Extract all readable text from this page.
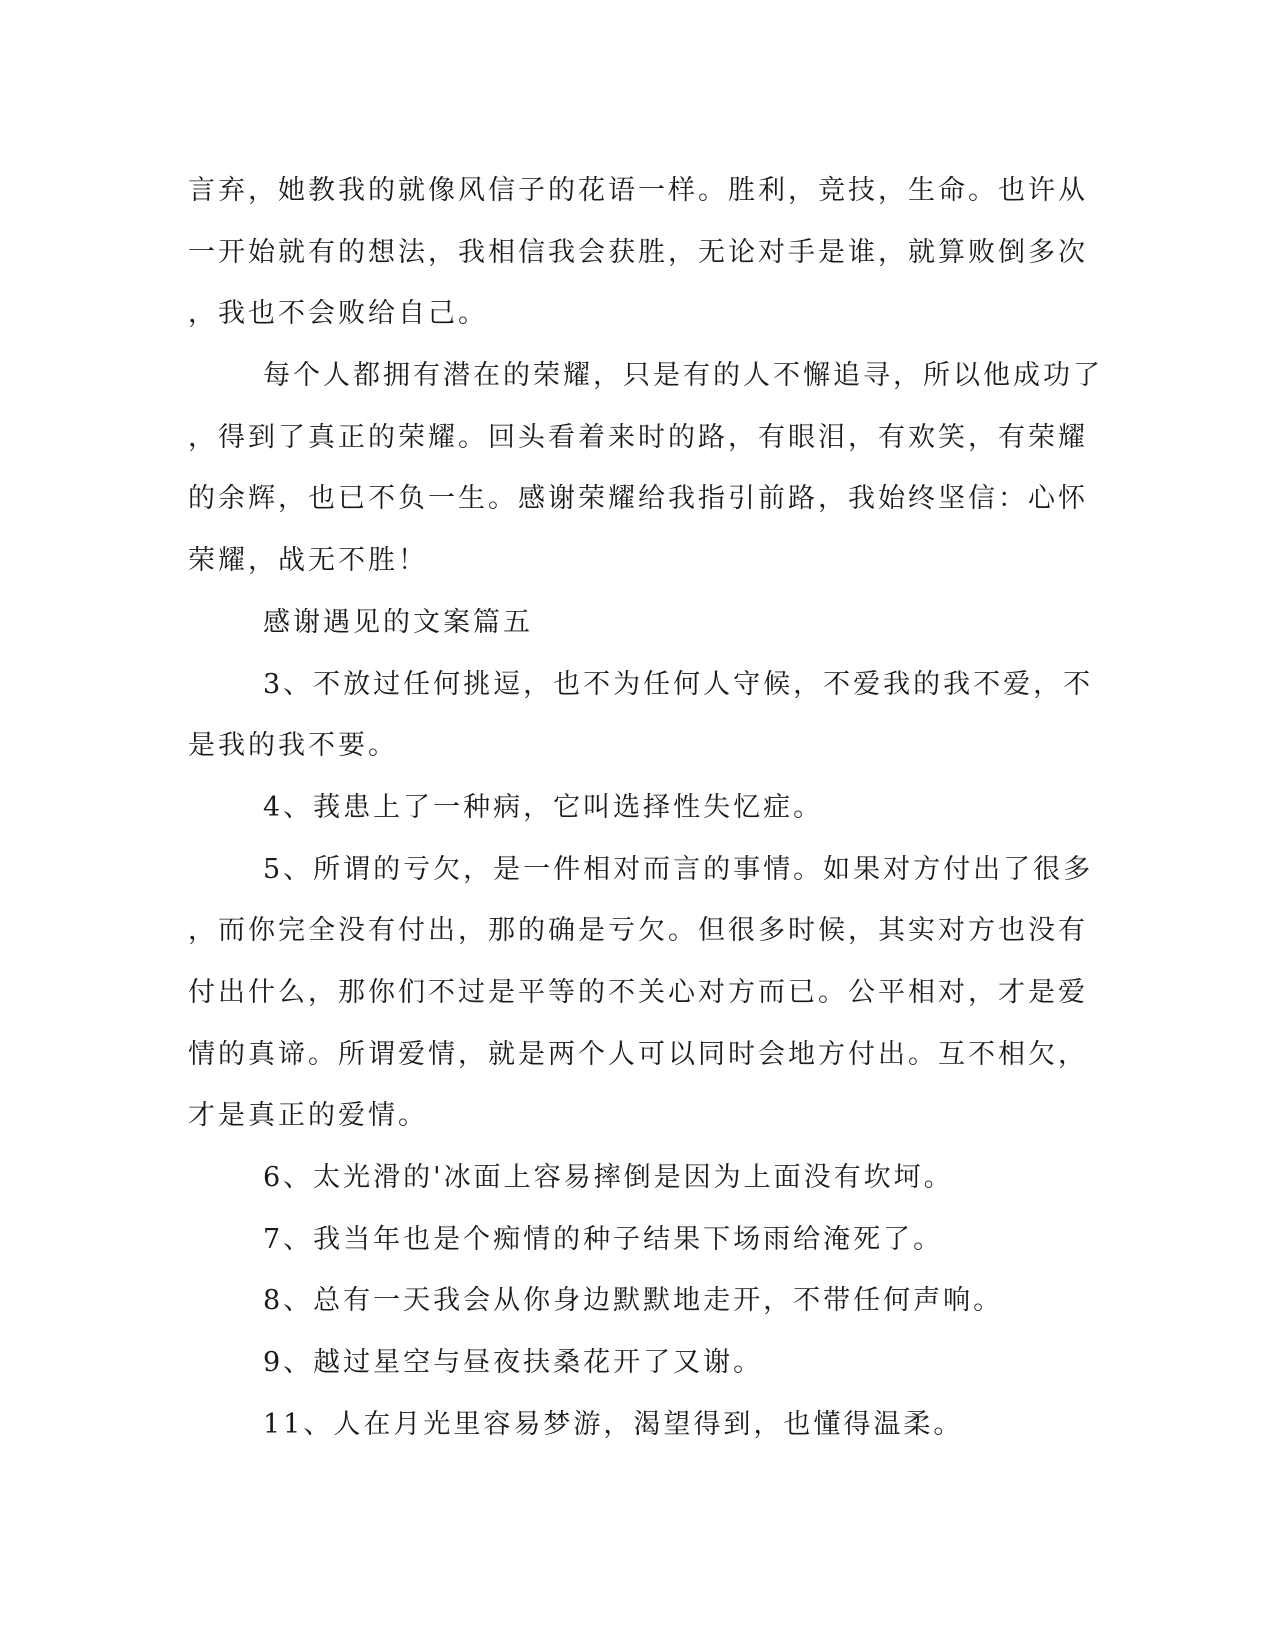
言弃，她教我的就像风信子的花语一样。胜利，竞技，生命。也许从
一开始就有的想法，我相信我会获胜，无论对手是谁，就算败倒多次
，我也不会败给自己。
每个人都拥有潜在的荣耀，只是有的人不懈追寻，所以他成功了
，得到了真正的荣耀。回头看着来时的路，有眼泪，有欢笑，有荣耀
的余辉，也已不负一生。感谢荣耀给我指引前路，我始终坚信：心怀
荣耀，战无不胜！
感谢遇见的文案篇五
3、不放过任何挑逗，也不为任何人守候，不爱我的我不爱，不
是我的我不要。
4、莪患上了一种病，它叫选择性失忆症。
5、所谓的亏欠，是一件相对而言的事情。如果对方付出了很多
，而你完全没有付出，那的确是亏欠。但很多时候，其实对方也没有
付出什么，那你们不过是平等的不关心对方而已。公平相对，才是爱
情的真谛。所谓爱情，就是两个人可以同时会地方付出。互不相欠，
才是真正的爱情。
6、太光滑的'冰面上容易摔倒是因为上面没有坎坷。
7、我当年也是个痴情的种子结果下场雨给淹死了。
8、总有一天我会从你身边默默地走开，不带任何声响。
9、越过星空与昼夜扶桑花开了又谢。
11、人在月光里容易梦游，渴望得到，也懂得温柔。
